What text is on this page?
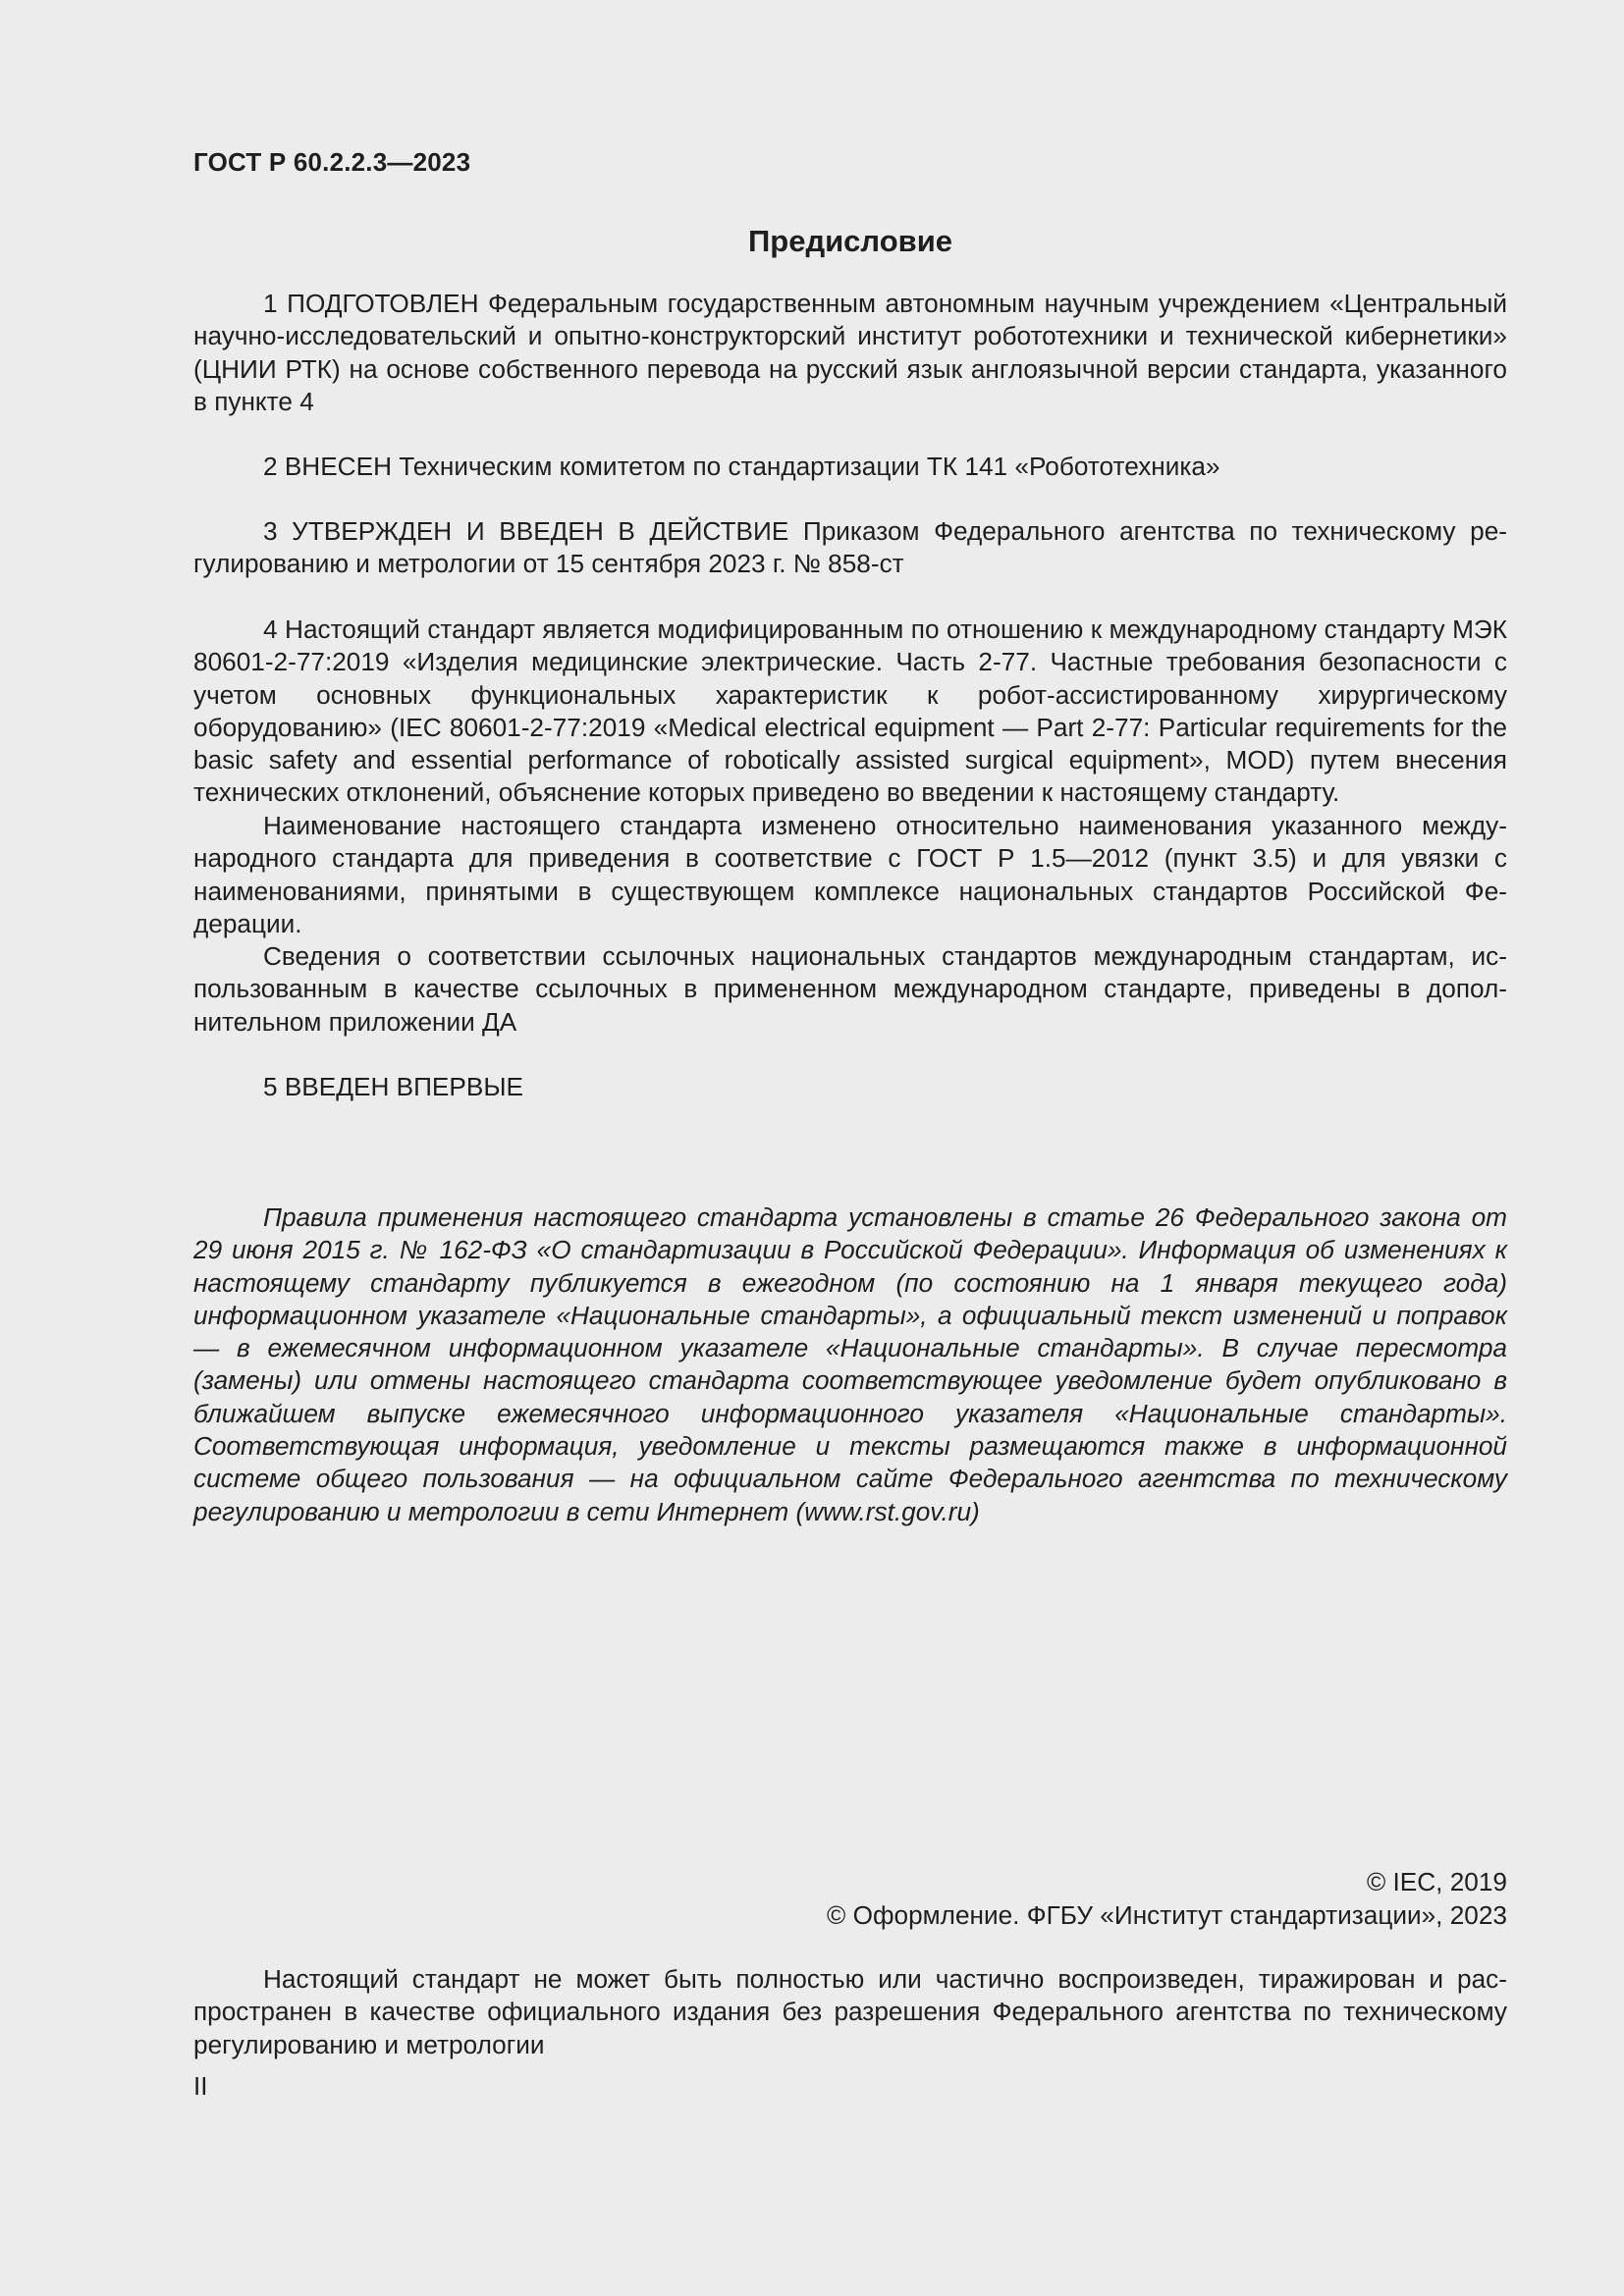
ГОСТ Р 60.2.2.3—2023
Предисловие

1 ПОДГОТОВЛЕН Федеральным государственным автономным научным учреждением «Центральный научно-исследовательский и опытно-конструкторский институт робототехники и технической кибернетики» (ЦНИИ РТК) на основе собственного перевода на русский язык англоязычной версии стандарта, указанного в пункте 4

2 ВНЕСЕН Техническим комитетом по стандартизации ТК 141 «Робототехника»

3 УТВЕРЖДЕН И ВВЕДЕН В ДЕЙСТВИЕ Приказом Федерального агентства по техническому регулированию и метрологии от 15 сентября 2023 г. № 858-ст

4 Настоящий стандарт является модифицированным по отношению к международному стандарту МЭК 80601-2-77:2019 «Изделия медицинские электрические. Часть 2-77. Частные требования безопасности с учетом основных функциональных характеристик к робот-ассистированному хирургическому оборудованию» (IEC 80601-2-77:2019 «Medical electrical equipment — Part 2-77: Particular requirements for the basic safety and essential performance of robotically assisted surgical equipment», MOD) путем внесения технических отклонений, объяснение которых приведено во введении к настоящему стандарту.

Наименование настоящего стандарта изменено относительно наименования указанного международного стандарта для приведения в соответствие с ГОСТ Р 1.5—2012 (пункт 3.5) и для увязки с наименованиями, принятыми в существующем комплексе национальных стандартов Российской Федерации.

Сведения о соответствии ссылочных национальных стандартов международным стандартам, использованным в качестве ссылочных в примененном международном стандарте, приведены в дополнительном приложении ДА

5 ВВЕДЕН ВПЕРВЫЕ

Правила применения настоящего стандарта установлены в статье 26 Федерального закона от 29 июня 2015 г. № 162-ФЗ «О стандартизации в Российской Федерации». Информация об изменениях к настоящему стандарту публикуется в ежегодном (по состоянию на 1 января текущего года) информационном указателе «Национальные стандарты», а официальный текст изменений и поправок — в ежемесячном информационном указателе «Национальные стандарты». В случае пересмотра (замены) или отмены настоящего стандарта соответствующее уведомление будет опубликовано в ближайшем выпуске ежемесячного информационного указателя «Национальные стандарты». Соответствующая информация, уведомление и тексты размещаются также в информационной системе общего пользования — на официальном сайте Федерального агентства по техническому регулированию и метрологии в сети Интернет (www.rst.gov.ru)

© IEC, 2019
© Оформление. ФГБУ «Институт стандартизации», 2023

Настоящий стандарт не может быть полностью или частично воспроизведен, тиражирован и распространен в качестве официального издания без разрешения Федерального агентства по техническому регулированию и метрологии

II
